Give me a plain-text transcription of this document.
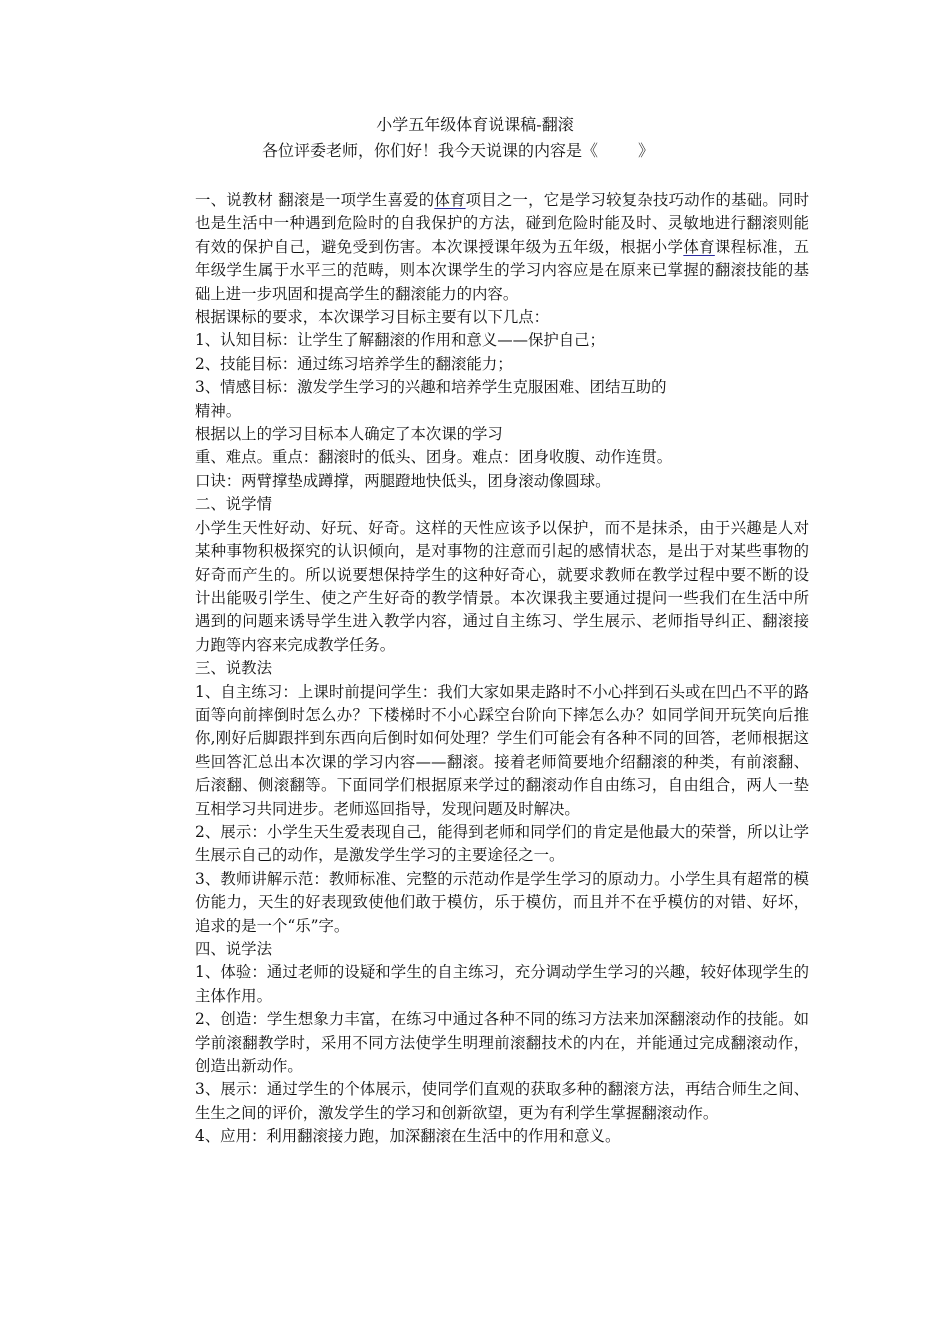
小学五年级体育说课稿-翻滚
各位评委老师，你们好！我今天说课的内容是《	》

一、说教材 翻滚是一项学生喜爱的体育项目之一，它是学习较复杂技巧动作的基础。同时也是生活中一种遇到危险时的自我保护的方法，碰到危险时能及时、灵敏地进行翻滚则能有效的保护自己，避免受到伤害。本次课授课年级为五年级，根据小学体育课程标准，五年级学生属于水平三的范畴，则本次课学生的学习内容应是在原来已掌握的翻滚技能的基础上进一步巩固和提高学生的翻滚能力的内容。

根据课标的要求，本次课学习目标主要有以下几点：

1、认知目标：让学生了解翻滚的作用和意义——保护自己；

2、技能目标：通过练习培养学生的翻滚能力；

3、情感目标：激发学生学习的兴趣和培养学生克服困难、团结互助的

精神。

根据以上的学习目标本人确定了本次课的学习

重、难点。重点：翻滚时的低头、团身。难点：团身收腹、动作连贯。

口诀：两臂撑垫成蹲撑，两腿蹬地快低头，团身滚动像圆球。

二、说学情

小学生天性好动、好玩、好奇。这样的天性应该予以保护，而不是抹杀，由于兴趣是人对某种事物积极探究的认识倾向，是对事物的注意而引起的感情状态，是出于对某些事物的好奇而产生的。所以说要想保持学生的这种好奇心，就要求教师在教学过程中要不断的设计出能吸引学生、使之产生好奇的教学情景。本次课我主要通过提问一些我们在生活中所遇到的问题来诱导学生进入教学内容，通过自主练习、学生展示、老师指导纠正、翻滚接力跑等内容来完成教学任务。

三、说教法

1、自主练习：上课时前提问学生：我们大家如果走路时不小心拌到石头或在凹凸不平的路面等向前摔倒时怎么办？下楼梯时不小心踩空台阶向下摔怎么办？如同学间开玩笑向后推你,刚好后脚跟拌到东西向后倒时如何处理？学生们可能会有各种不同的回答，老师根据这些回答汇总出本次课的学习内容——翻滚。接着老师简要地介绍翻滚的种类，有前滚翻、后滚翻、侧滚翻等。下面同学们根据原来学过的翻滚动作自由练习，自由组合，两人一垫互相学习共同进步。老师巡回指导，发现问题及时解决。

2、展示：小学生天生爱表现自己，能得到老师和同学们的肯定是他最大的荣誉，所以让学生展示自己的动作，是激发学生学习的主要途径之一。

3、教师讲解示范：教师标准、完整的示范动作是学生学习的原动力。小学生具有超常的模仿能力，天生的好表现致使他们敢于模仿，乐于模仿，而且并不在乎模仿的对错、好坏，追求的是一个“乐”字。

四、说学法

1、体验：通过老师的设疑和学生的自主练习，充分调动学生学习的兴趣，较好体现学生的主体作用。

2、创造：学生想象力丰富，在练习中通过各种不同的练习方法来加深翻滚动作的技能。如学前滚翻教学时，采用不同方法使学生明理前滚翻技术的内在，并能通过完成翻滚动作，创造出新动作。

3、展示：通过学生的个体展示，使同学们直观的获取多种的翻滚方法，再结合师生之间、生生之间的评价，激发学生的学习和创新欲望，更为有利学生掌握翻滚动作。

4、应用：利用翻滚接力跑，加深翻滚在生活中的作用和意义。
